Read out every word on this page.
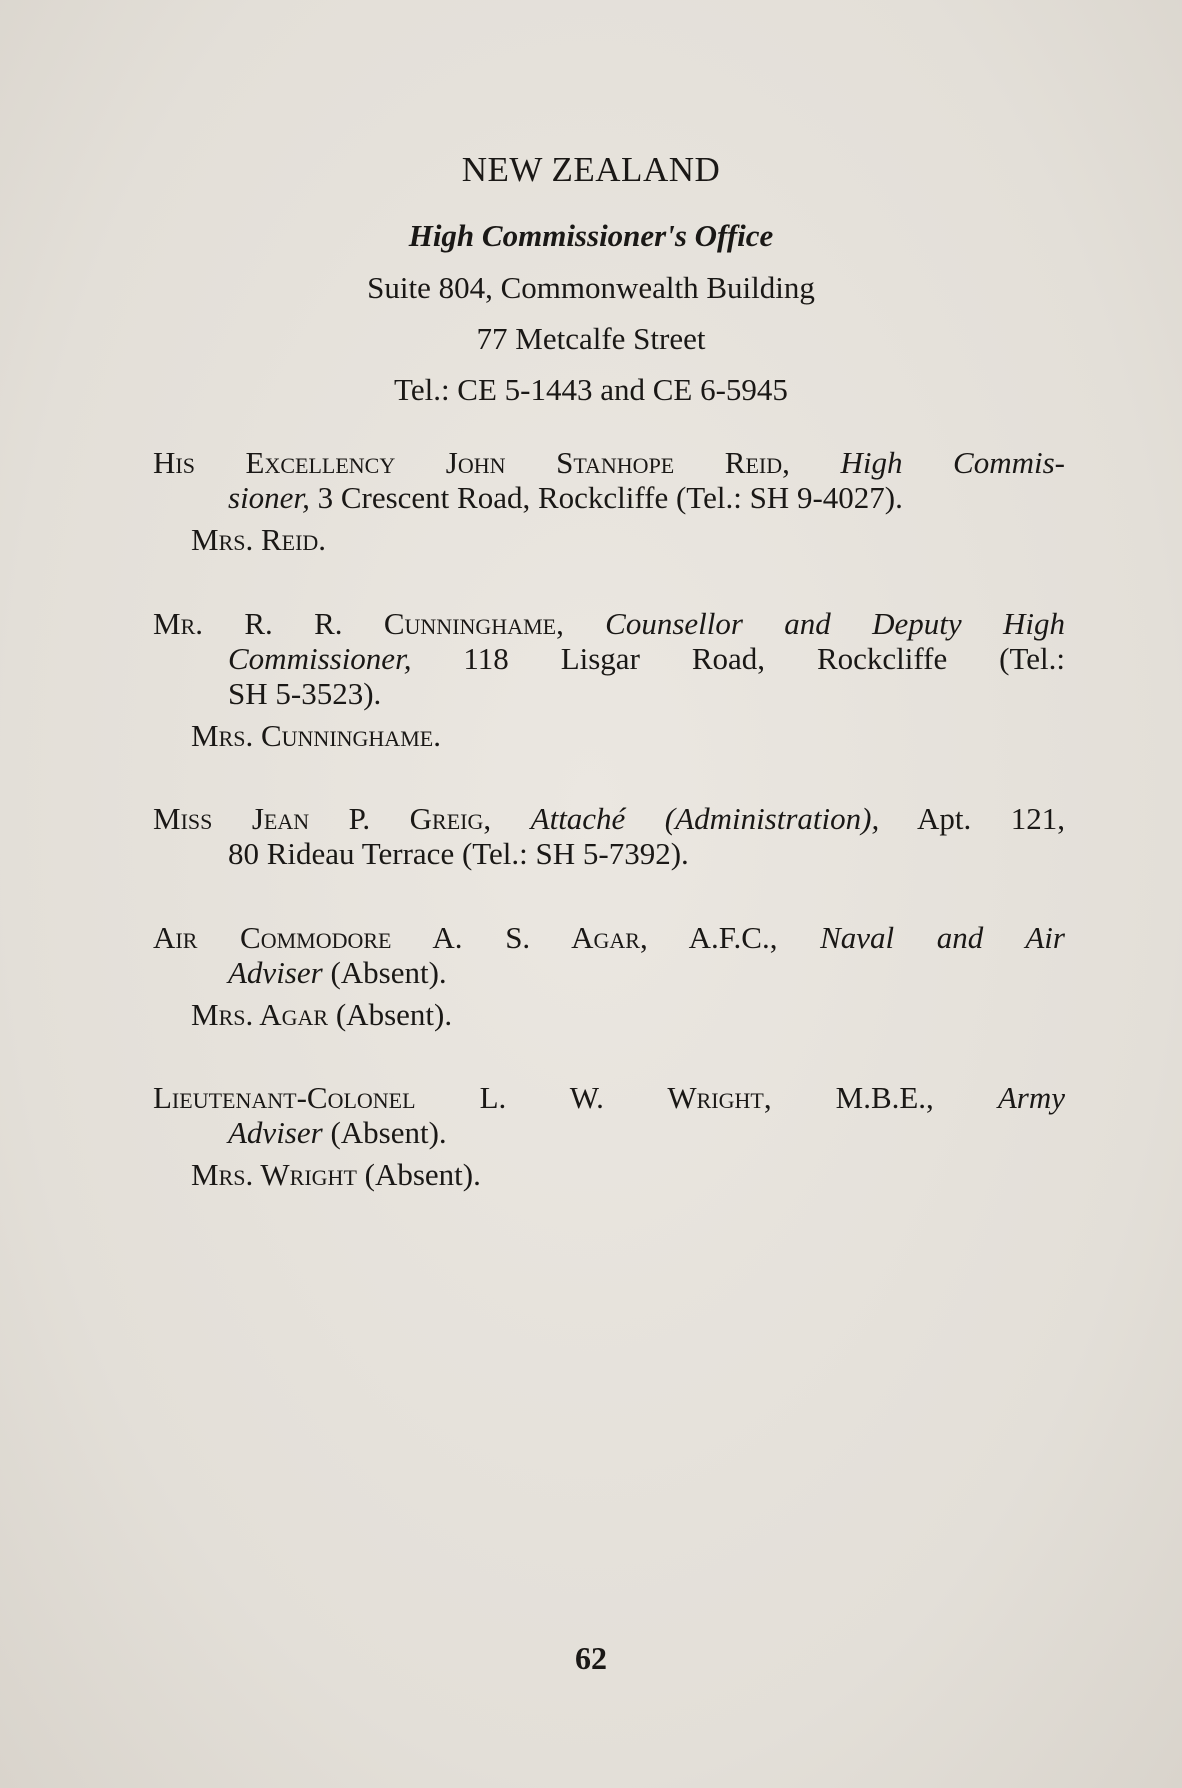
NEW ZEALAND
High Commissioner's Office
Suite 804, Commonwealth Building
77 Metcalfe Street
Tel.: CE 5-1443 and CE 6-5945
His Excellency John Stanhope Reid, High Commis-
sioner, 3 Crescent Road, Rockcliffe (Tel.: SH 9-4027).
Mrs. Reid.
Mr. R. R. Cunninghame, Counsellor and Deputy High
Commissioner, 118 Lisgar Road, Rockcliffe (Tel.:
SH 5-3523).
Mrs. Cunninghame.
Miss Jean P. Greig, Attaché (Administration), Apt. 121,
80 Rideau Terrace (Tel.: SH 5-7392).
Air Commodore A. S. Agar, A.F.C., Naval and Air
Adviser (Absent).
Mrs. Agar (Absent).
Lieutenant-Colonel L. W. Wright, M.B.E., Army
Adviser (Absent).
Mrs. Wright (Absent).
62
